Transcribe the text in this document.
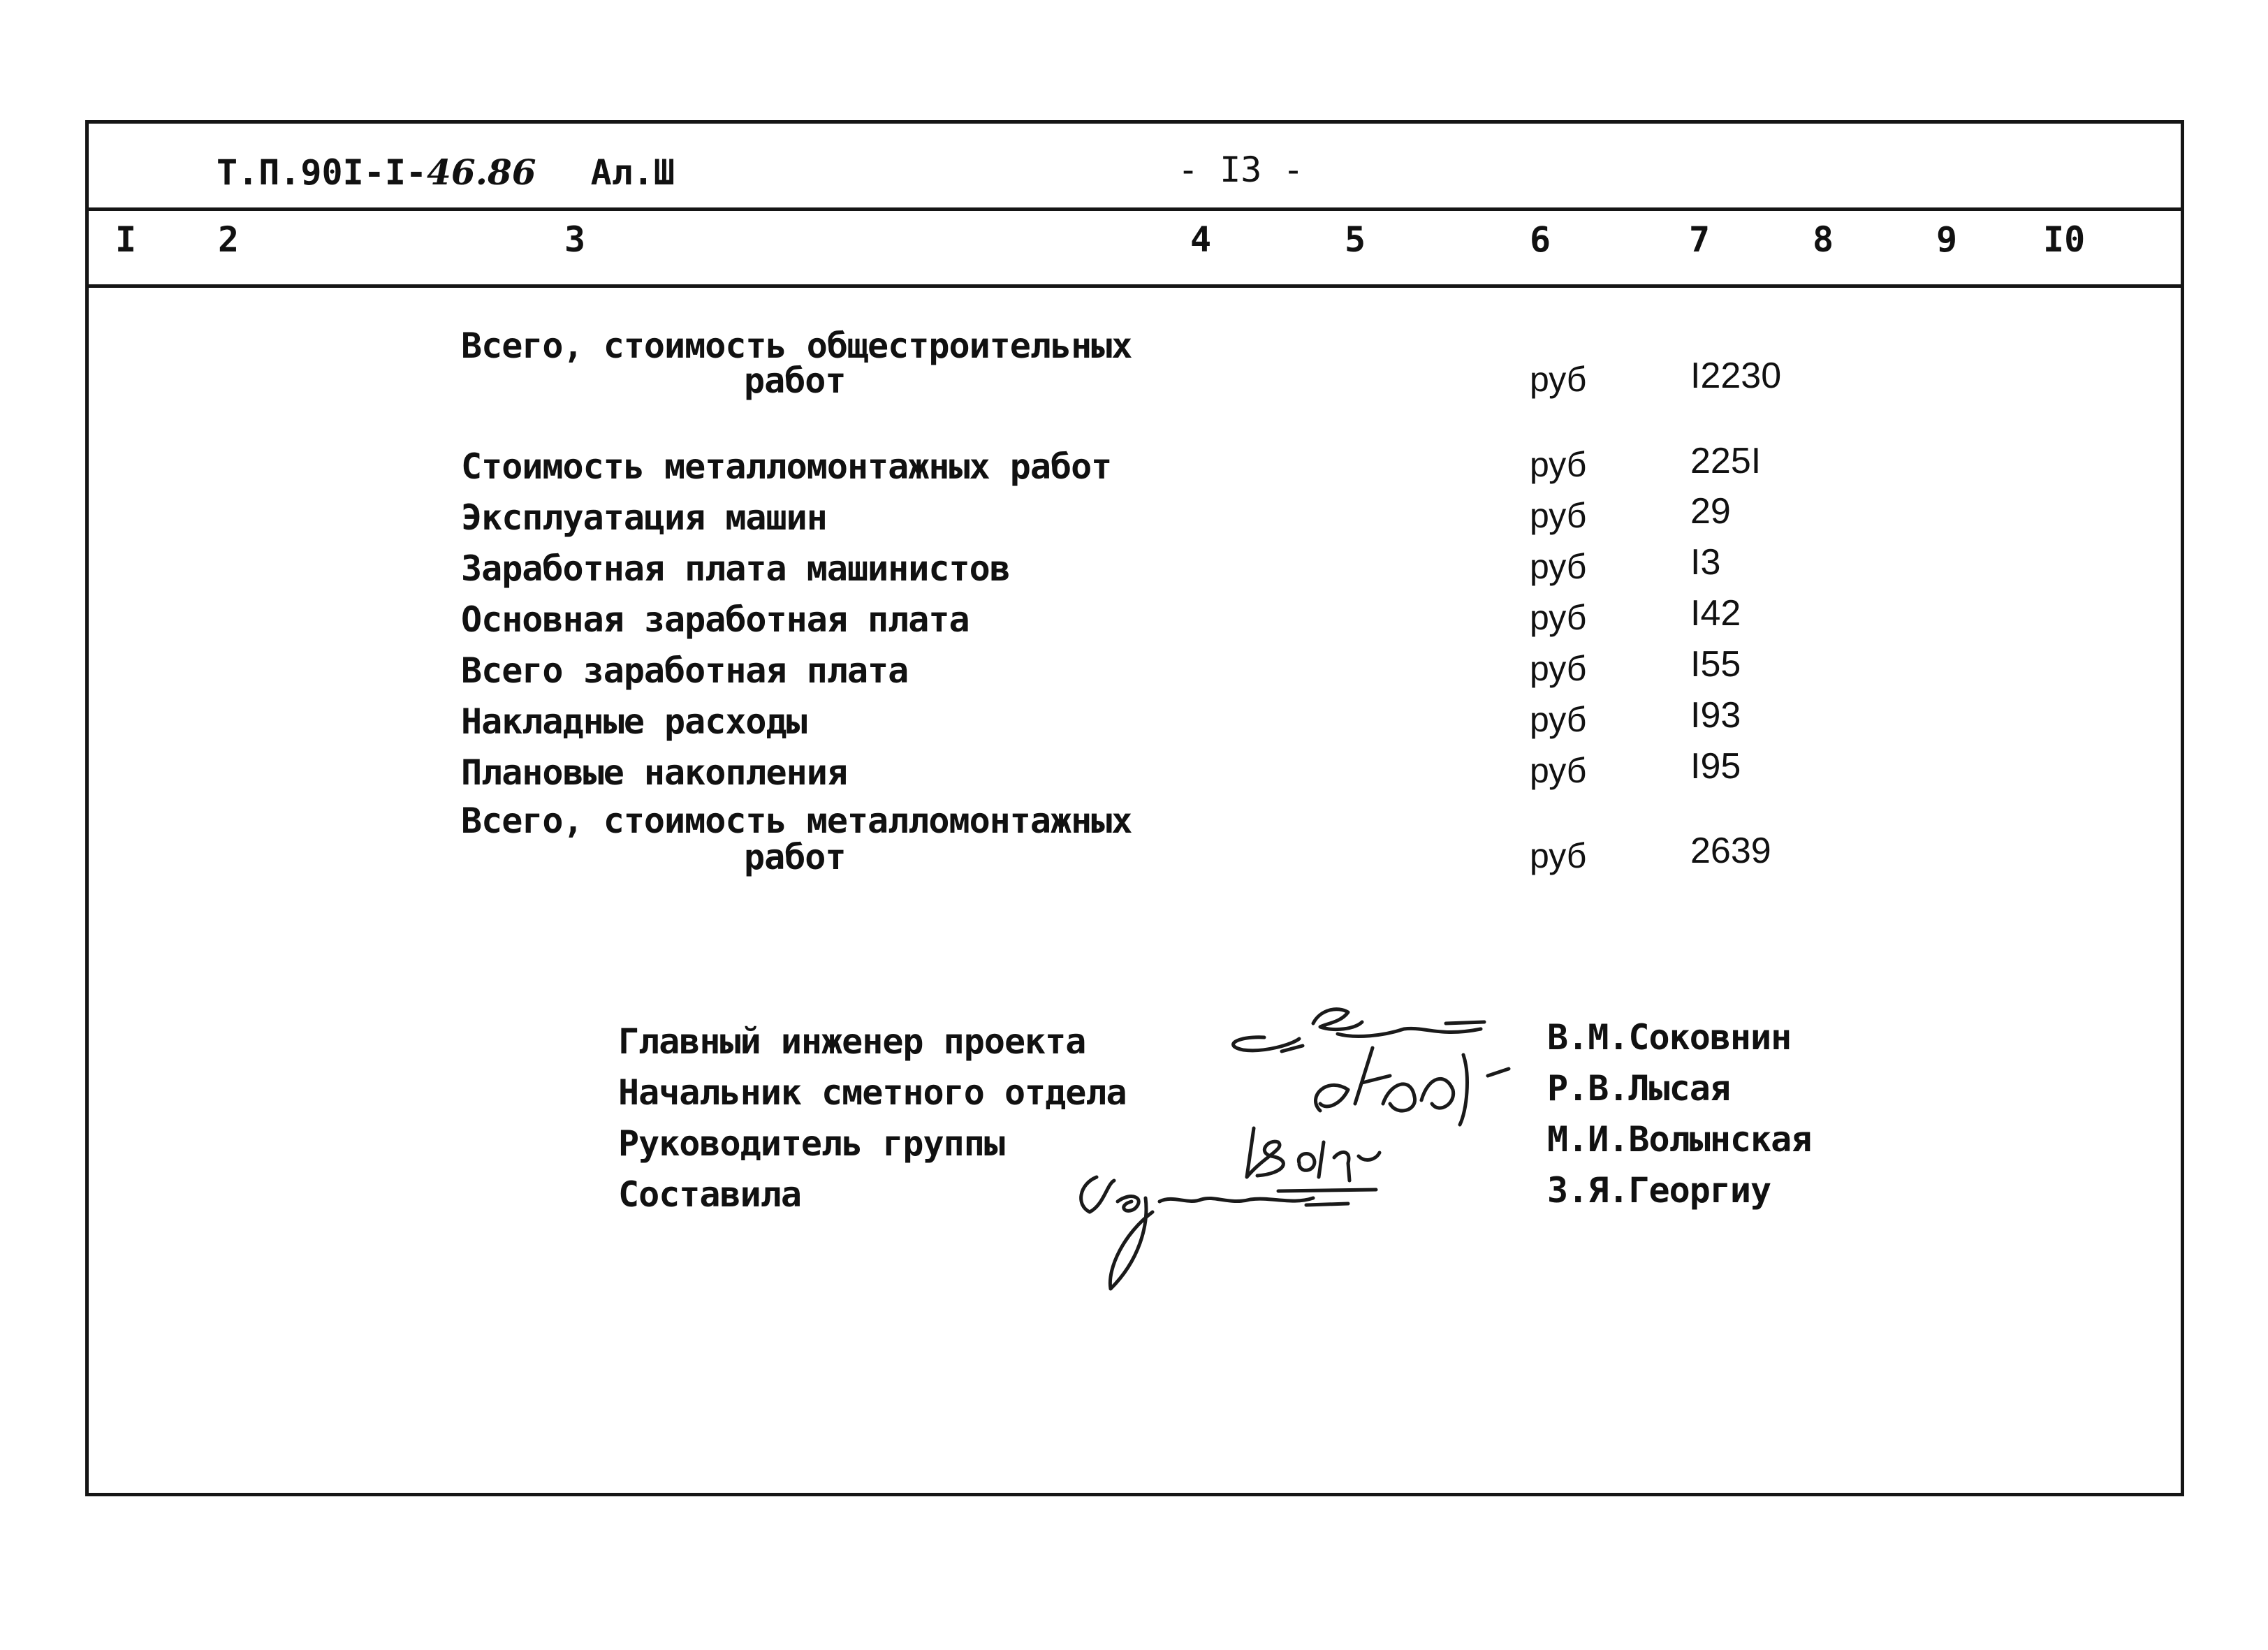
Т.П.90I-I-46.86 Ал.Ш	- I3 -
I 2	3	4	5	6	7	8	9 I0
Всего, стоимость общестроительных
работ	руб	I2230
Стоимость металломонтажных работ	руб	225I
Эксплуатация машин	руб	29
Заработная плата машинистов	руб	I3
Основная заработная плата	руб	I42
Всего заработная плата	руб	I55
Накладные расходы	руб	I93
Плановые накопления	руб	I95
Всего, стоимость металломонтажных
работ	руб	2639
Главный инженер проекта	В.М.Соковнин
Начальник сметного отдела	Р.В.Лысая
Руководитель группы	М.И.Волынская
Составила	З.Я.Георгиу
